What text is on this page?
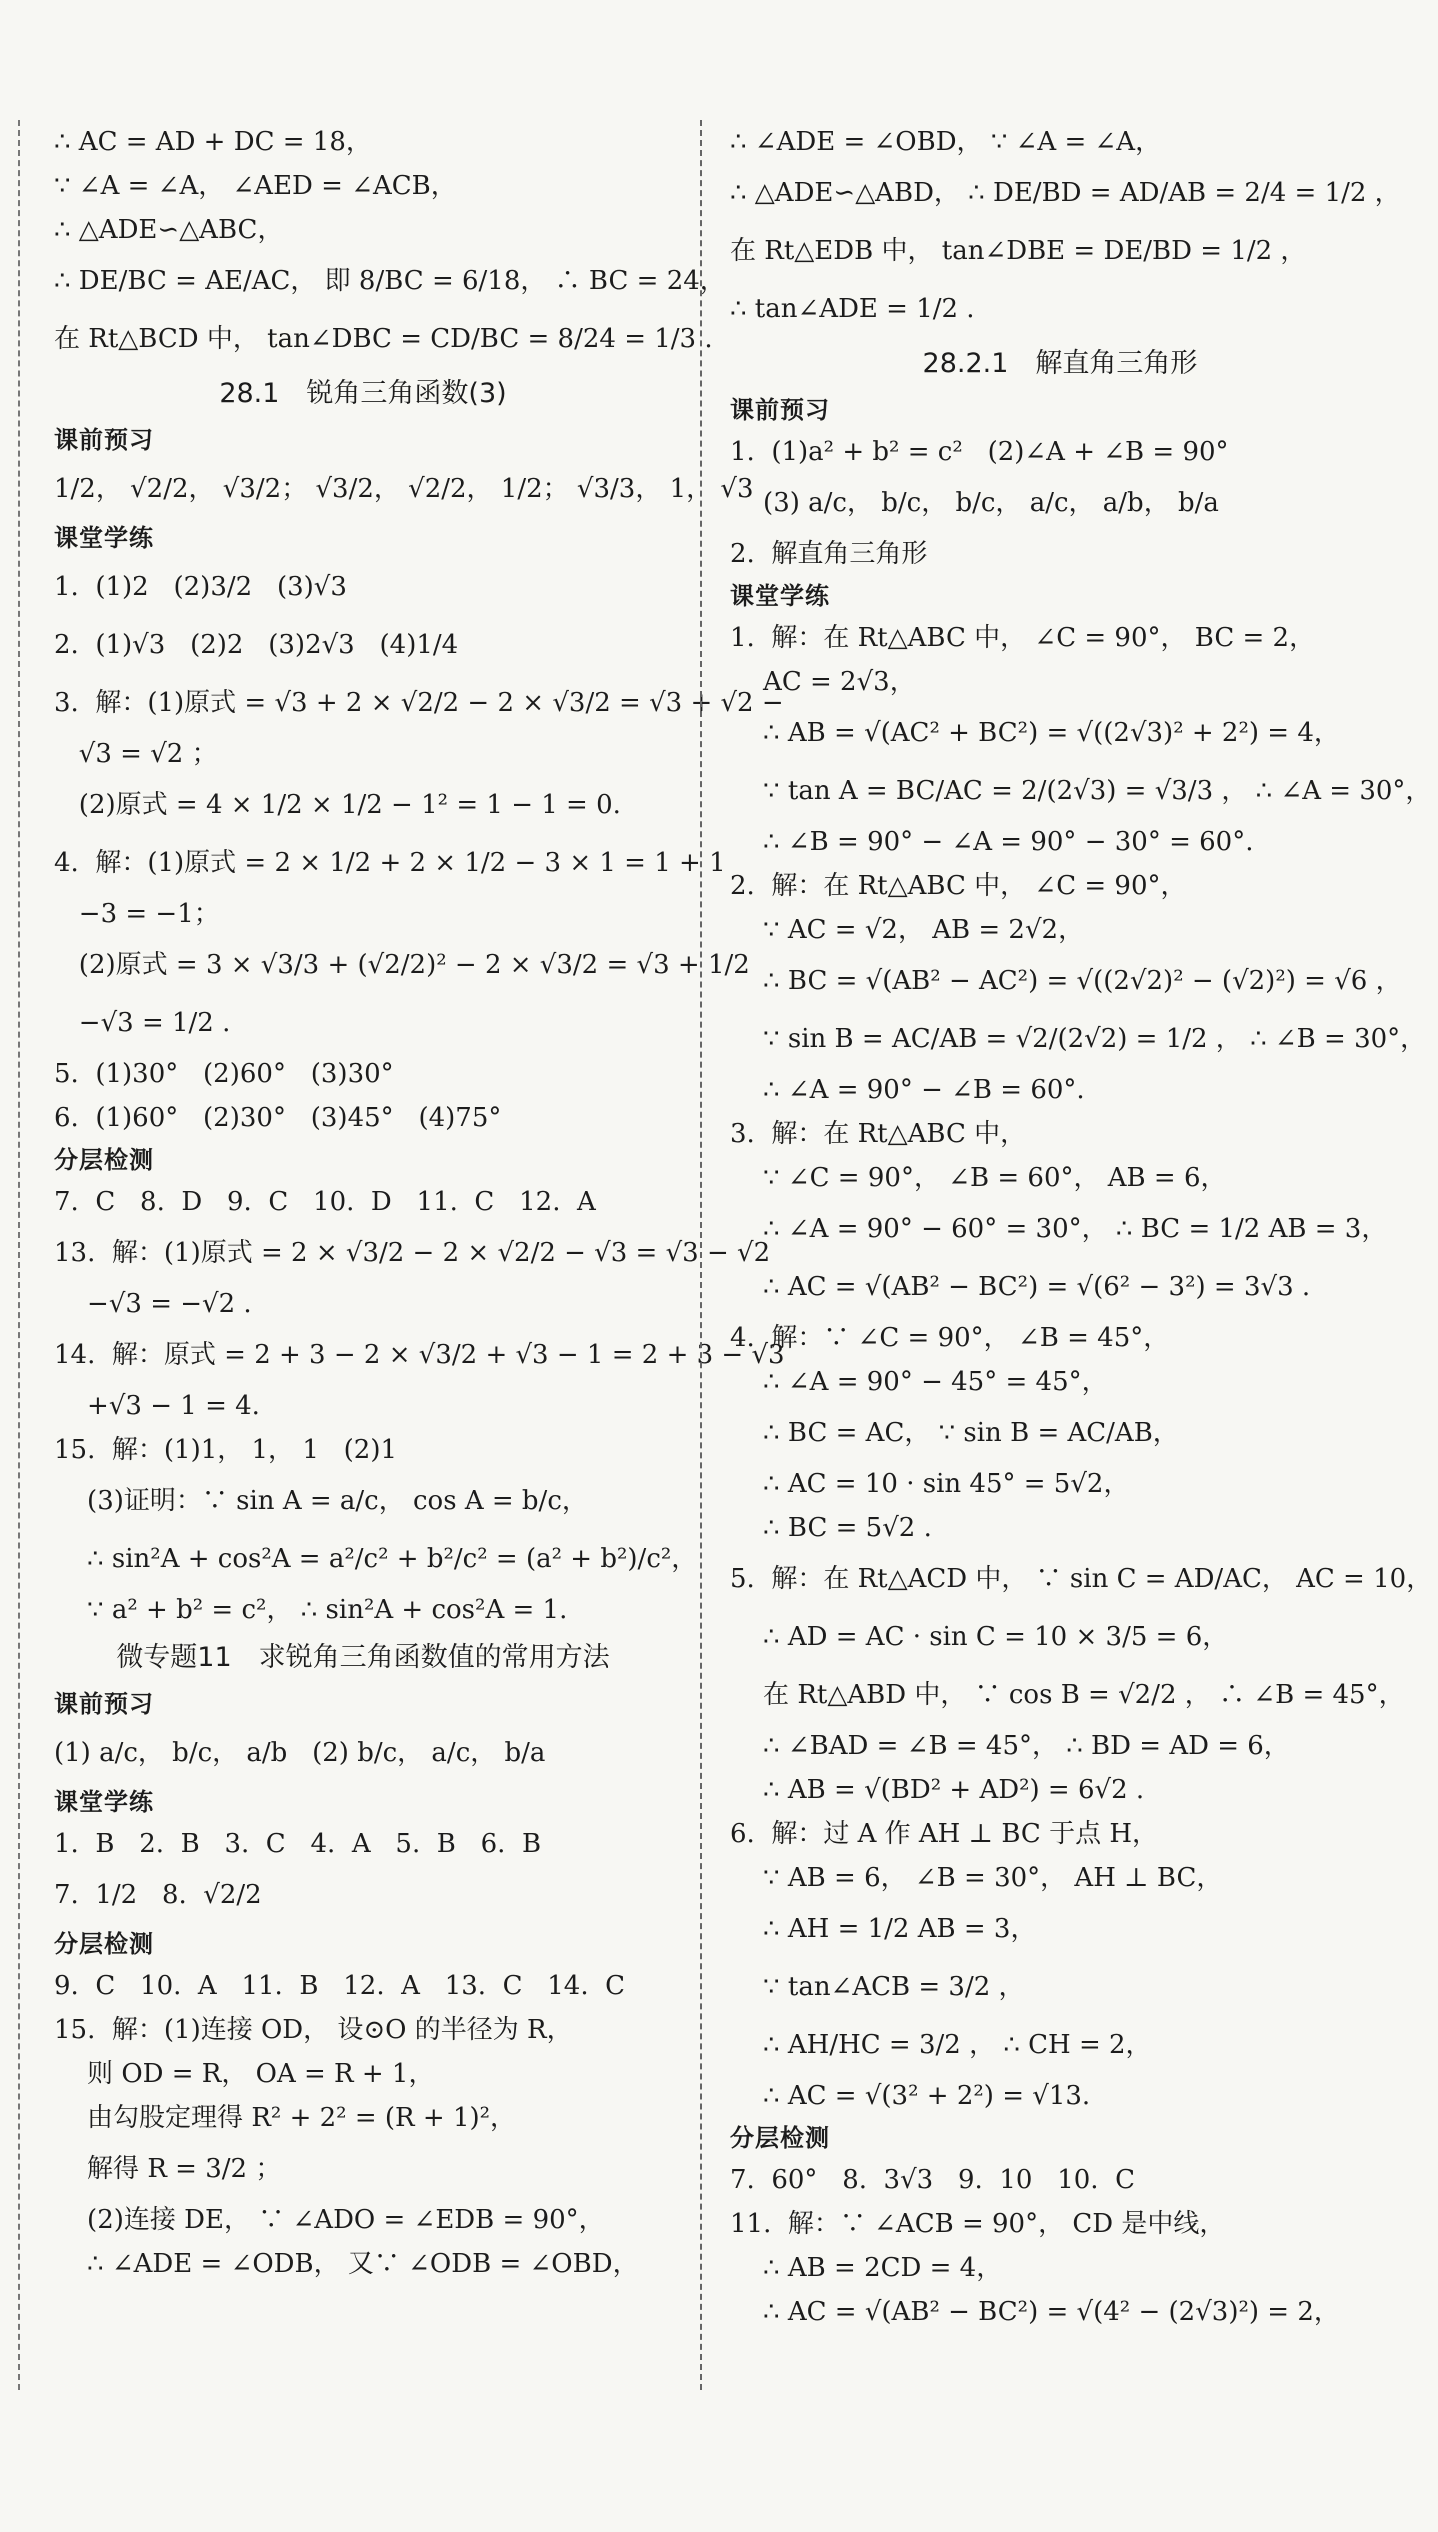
∴ AC = AD + DC = 18，

∵ ∠A = ∠A， ∠AED = ∠ACB，

∴ △ADE∽△ABC，

∴ DE/BC = AE/AC， 即 8/BC = 6/18， ∴ BC = 24，

在 Rt△BCD 中， tan∠DBC = CD/BC = 8/24 = 1/3 .

28.1　锐角三角函数(3)

课前预习

1/2， √2/2， √3/2； √3/2， √2/2， 1/2； √3/3， 1， √3

课堂学练

1.  (1)2   (2)3/2   (3)√3

2.  (1)√3   (2)2   (3)2√3   (4)1/4

3.  解：(1)原式 = √3 + 2 × √2/2 − 2 × √3/2 = √3 + √2 −

√3 = √2 ；

(2)原式 = 4 × 1/2 × 1/2 − 1² = 1 − 1 = 0.

4.  解：(1)原式 = 2 × 1/2 + 2 × 1/2 − 3 × 1 = 1 + 1

−3 = −1；

(2)原式 = 3 × √3/3 + (√2/2)² − 2 × √3/2 = √3 + 1/2

−√3 = 1/2 .

5.  (1)30°   (2)60°   (3)30°

6.  (1)60°   (2)30°   (3)45°   (4)75°

分层检测

7.  C   8.  D   9.  C   10.  D   11.  C   12.  A

13.  解：(1)原式 = 2 × √3/2 − 2 × √2/2 − √3 = √3 − √2

−√3 = −√2 .

14.  解：原式 = 2 + 3 − 2 × √3/2 + √3 − 1 = 2 + 3 − √3

+√3 − 1 = 4.

15.  解：(1)1， 1， 1   (2)1

(3)证明：∵ sin A = a/c， cos A = b/c，

∴ sin²A + cos²A = a²/c² + b²/c² = (a² + b²)/c²，

∵ a² + b² = c²， ∴ sin²A + cos²A = 1.

微专题11　求锐角三角函数值的常用方法

课前预习

(1) a/c， b/c， a/b   (2) b/c， a/c， b/a

课堂学练

1.  B   2.  B   3.  C   4.  A   5.  B   6.  B

7.  1/2   8.  √2/2

分层检测

9.  C   10.  A   11.  B   12.  A   13.  C   14.  C

15.  解：(1)连接 OD， 设⊙O 的半径为 R，

则 OD = R， OA = R + 1，

由勾股定理得 R² + 2² = (R + 1)²，

解得 R = 3/2 ；

(2)连接 DE， ∵ ∠ADO = ∠EDB = 90°，

∴ ∠ADE = ∠ODB， 又∵ ∠ODB = ∠OBD，

∴ ∠ADE = ∠OBD， ∵ ∠A = ∠A，

∴ △ADE∽△ABD， ∴ DE/BD = AD/AB = 2/4 = 1/2 ，

在 Rt△EDB 中， tan∠DBE = DE/BD = 1/2 ，

∴ tan∠ADE = 1/2 .

28.2.1　解直角三角形

课前预习

1.  (1)a² + b² = c²   (2)∠A + ∠B = 90°

(3) a/c， b/c， b/c， a/c， a/b， b/a

2.  解直角三角形

课堂学练

1.  解：在 Rt△ABC 中， ∠C = 90°， BC = 2，

AC = 2√3，

∴ AB = √(AC² + BC²) = √((2√3)² + 2²) = 4，

∵ tan A = BC/AC = 2/(2√3) = √3/3 ， ∴ ∠A = 30°，

∴ ∠B = 90° − ∠A = 90° − 30° = 60°.

2.  解：在 Rt△ABC 中， ∠C = 90°，

∵ AC = √2， AB = 2√2，

∴ BC = √(AB² − AC²) = √((2√2)² − (√2)²) = √6 ，

∵ sin B = AC/AB = √2/(2√2) = 1/2 ， ∴ ∠B = 30°，

∴ ∠A = 90° − ∠B = 60°.

3.  解：在 Rt△ABC 中，

∵ ∠C = 90°， ∠B = 60°， AB = 6，

∴ ∠A = 90° − 60° = 30°， ∴ BC = 1/2 AB = 3，

∴ AC = √(AB² − BC²) = √(6² − 3²) = 3√3 .

4.  解：∵ ∠C = 90°， ∠B = 45°，

∴ ∠A = 90° − 45° = 45°，

∴ BC = AC， ∵ sin B = AC/AB，

∴ AC = 10 · sin 45° = 5√2，

∴ BC = 5√2 .

5.  解：在 Rt△ACD 中， ∵ sin C = AD/AC， AC = 10，

∴ AD = AC · sin C = 10 × 3/5 = 6，

在 Rt△ABD 中， ∵ cos B = √2/2 ， ∴ ∠B = 45°，

∴ ∠BAD = ∠B = 45°， ∴ BD = AD = 6，

∴ AB = √(BD² + AD²) = 6√2 .

6.  解：过 A 作 AH ⊥ BC 于点 H，

∵ AB = 6， ∠B = 30°， AH ⊥ BC，

∴ AH = 1/2 AB = 3，

∵ tan∠ACB = 3/2 ，

∴ AH/HC = 3/2 ， ∴ CH = 2，

∴ AC = √(3² + 2²) = √13.

分层检测

7.  60°   8.  3√3   9.  10   10.  C

11.  解：∵ ∠ACB = 90°， CD 是中线，

∴ AB = 2CD = 4，

∴ AC = √(AB² − BC²) = √(4² − (2√3)²) = 2，
